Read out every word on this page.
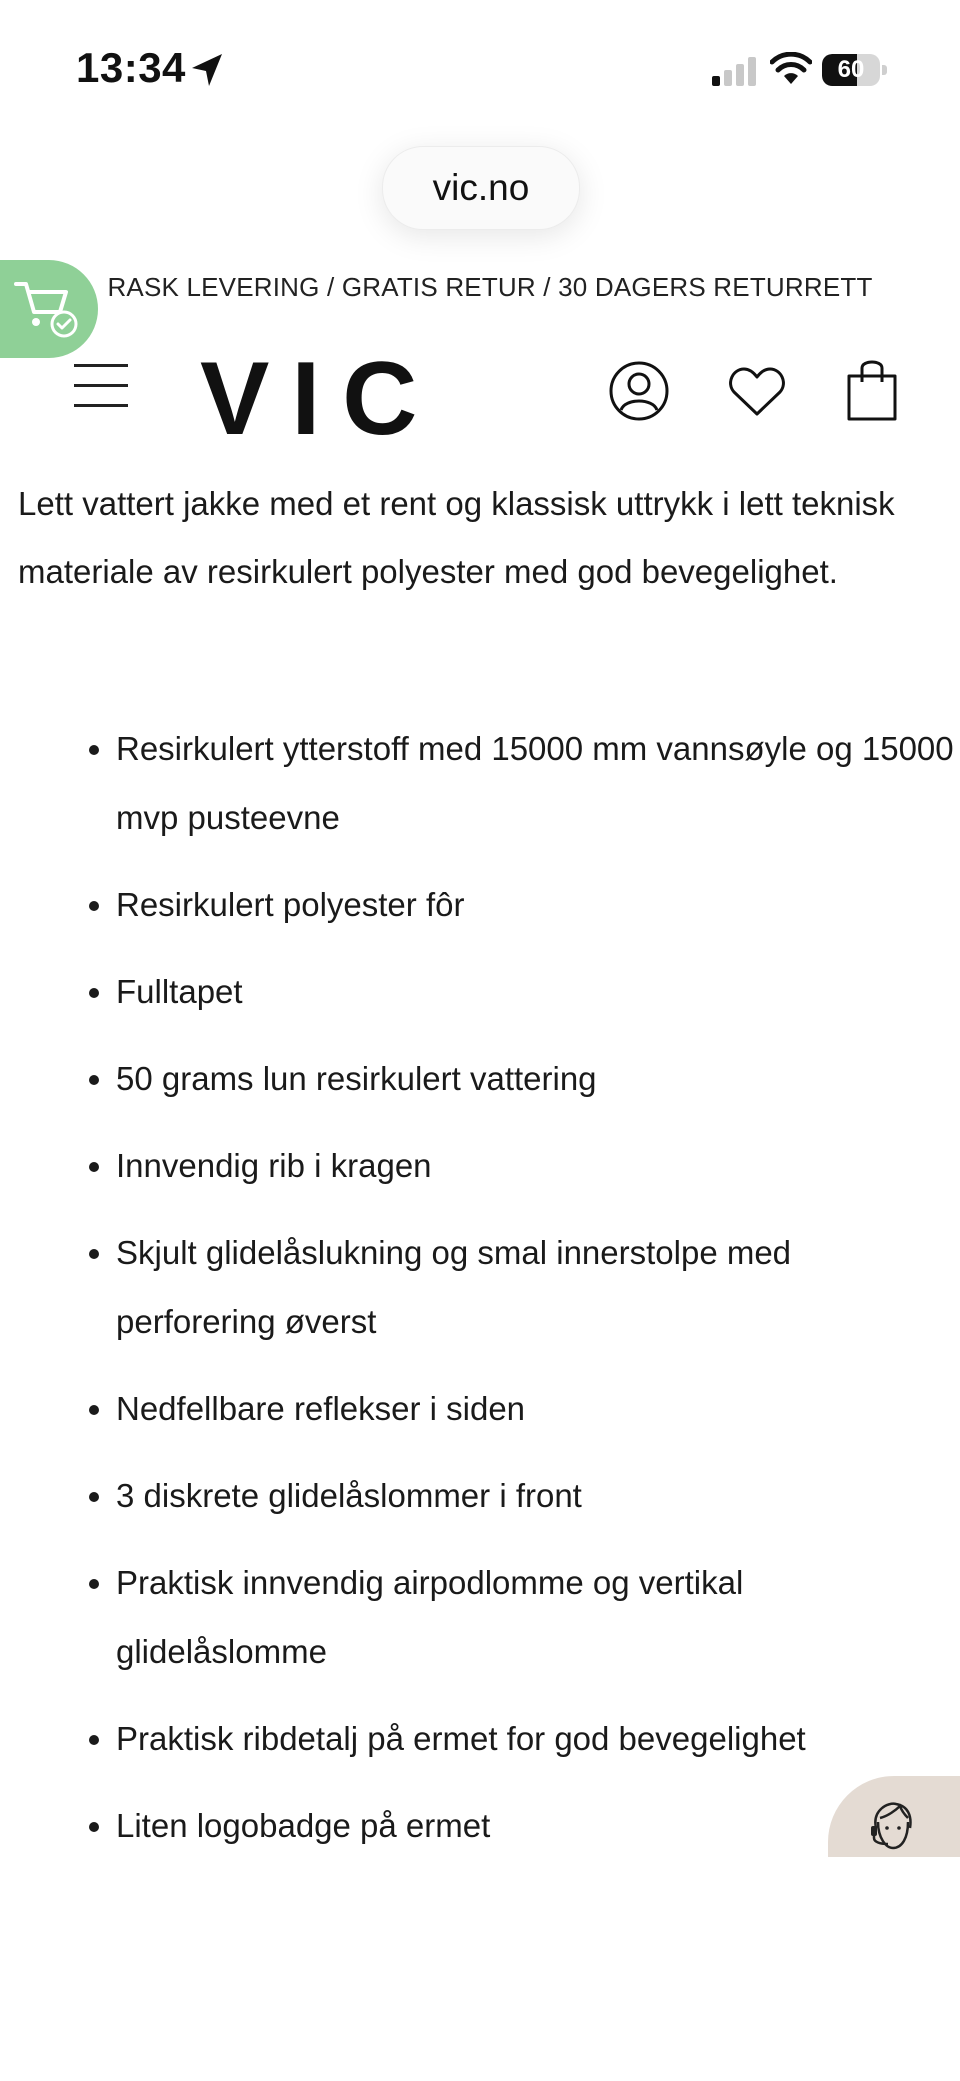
13:34	60
vic.no
RASK LEVERING / GRATIS RETUR / 30 DAGERS RETURRETT
VIC

Lett vattert jakke med et rent og klassisk uttrykk i lett teknisk materiale av resirkulert polyester med god bevegelighet.

• Resirkulert ytterstoff med 15000 mm vannsøyle og 15000 mvp pusteevne
• Resirkulert polyester fôr
• Fulltapet
• 50 grams lun resirkulert vattering
• Innvendig rib i kragen
• Skjult glidelåslukning og smal innerstolpe med perforering øverst
• Nedfellbare reflekser i siden
• 3 diskrete glidelåslommer i front
• Praktisk innvendig airpodlomme og vertikal glidelåslomme
• Praktisk ribdetalj på ermet for god bevegelighet
• Liten logobadge på ermet
